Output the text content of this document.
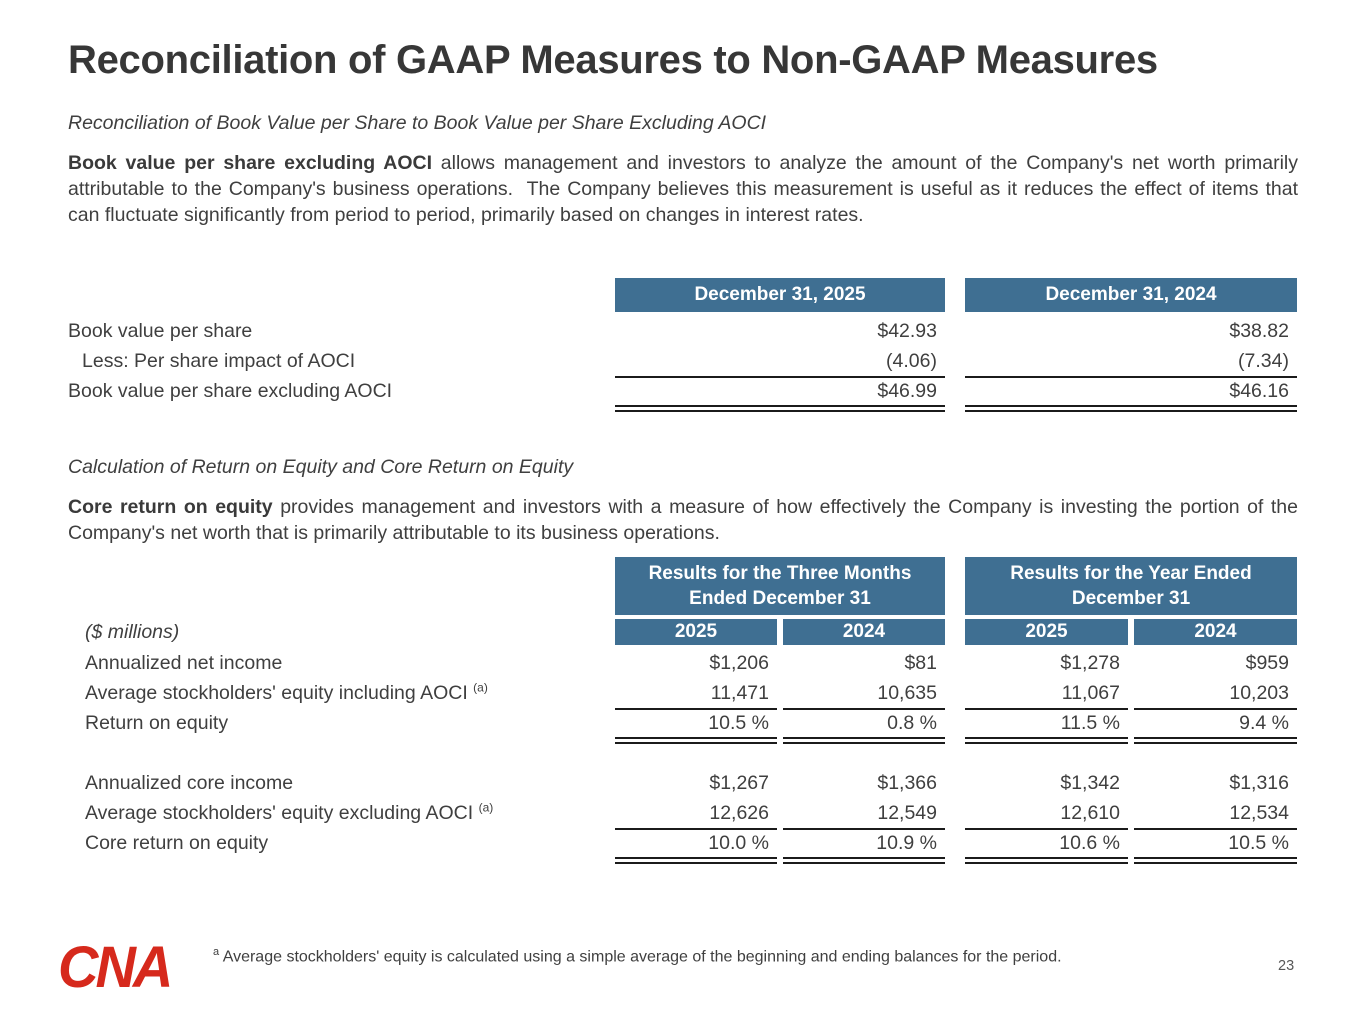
Reconciliation of GAAP Measures to Non-GAAP Measures
Reconciliation of Book Value per Share to Book Value per Share Excluding AOCI

Book value per share excluding AOCI allows management and investors to analyze the amount of the Company's net worth primarily attributable to the Company's business operations.  The Company believes this measurement is useful as it reduces the effect of items that can fluctuate significantly from period to period, primarily based on changes in interest rates.

December 31, 2025	December 31, 2024
Book value per share	$42.93	$38.82
Less: Per share impact of AOCI	(4.06)	(7.34)
Book value per share excluding AOCI	$46.99	$46.16
Calculation of Return on Equity and Core Return on Equity

Core return on equity provides management and investors with a measure of how effectively the Company is investing the portion of the Company's net worth that is primarily attributable to its business operations.

($ millions)
Results for the Three Months Ended December 31
2025	2024
Results for the Year Ended December 31
2025	2024
Annualized net income	$1,206	$81	$1,278	$959
Average stockholders' equity including AOCI $^{(a)}$	11,471	10,635	11,067	10,203
Return on equity	10.5 %	0.8 %	11.5 %	9.4 %
Annualized core income	$1,267	$1,366	$1,342	$1,316
Average stockholders' equity excluding AOCI $^{(a)}$	12,626	12,549	12,610	12,534
Core return on equity	10.0 %	10.9 %	10.6 %	10.5 %
CNA	$^a$ Average stockholders' equity is calculated using a simple average of the beginning and ending balances for the period.
23
